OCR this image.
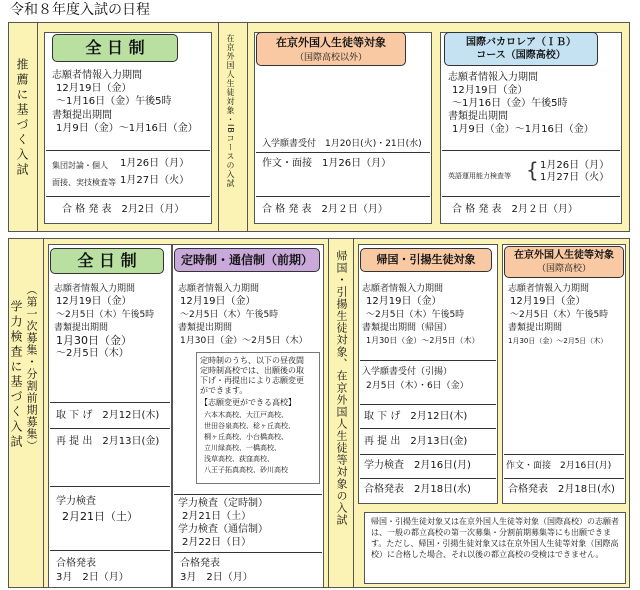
令和８年度入試の日程
推薦に基づく入試
全 日 制
志願者情報入力期間
12月19日（金）
～1月16日（金）午後5時
書類提出期間
1月9日（金）～1月16日（金）
集団討論・個人 1月26日（月）
面接、実技検査等 1月27日（火）
合 格 発 表　2月2日（月）
在京外国人生徒対象・IBコースの入試	在京外国人生徒等対象
（国際高校以外）
入学願書受付　1月20日(火)・21日(水)
作文・面接　1月26日（月）
合 格 発 表　2月２日（月）
国際バカロレア（ＩＢ）
コース（国際高校）
志願者情報入力期間
12月19日（金）
～1月16日（金）午後5時
書類提出期間
1月9日（金）～1月16日（金）
英語運用能力検査等 { 1月26日（月）
1月27日（火）
合 格 発 表　2月２日（月）
学力検査に基づく入試 （第一次募集・分割前期募集）
全 日 制
志願者情報入力期間
12月19日（金）
～2月5日（木）午後5時
書類提出期間
1月30日（金）
～2月5日（木）
取 下 げ　2月12日(木)
再 提 出　2月13日(金)
学力検査
2月21日（土）
合格発表
3月　2日（月）
定時制・通信制（前期）
志願者情報入力期間
12月19日（金）
～2月5日（木）午後5時
書類提出期間
1月30日（金）～2月5日（木）
定時制のうち、以下の昼夜間
定時制高校では、出願後の取
下げ・再提出により志願変更
ができます。
【志願変更ができる高校】
六本木高校、大江戸高校、
世田谷泉高校、稔ヶ丘高校、
桐ヶ丘高校、小台橋高校、
立川緑高校、一橋高校、
浅草高校、荻窪高校、
八王子拓真高校、砂川高校
学力検査（定時制）
2月21日（土）
学力検査（通信制）
2月22日（日）
合格発表
3月　2日（月）
帰国・引揚生徒対象、在京外国人生徒等対象の入試	帰国・引揚生徒対象
志願者情報入力期間
12月19日（金）
～2月5日（木）午後5時
書類提出期間（帰国）
1月30日（金）～2月5日（木）
入学願書受付（引揚）
2月5日（木）・6日（金）
取 下 げ　2月12日(木)
再 提 出　2月13日(金)
学力検査　2月16日(月)
合格発表　2月18日(水)
在京外国人生徒等対象
（国際高校）
志願者情報入力期間
12月19日（金）
～2月5日（木）午後5時
書類提出期間
1月30日（金）～2月5日（木）
作文・面接　2月16日(月)
合格発表　2月18日(水)
帰国・引揚生徒対象又は在京外国人生徒等対象（国際高校）の志願者は、一般の都立高校の第一次募集・分割前期募集等にも出願できます。ただし、帰国・引揚生徒対象又は在京外国人生徒等対象（国際高校）に合格した場合、それ以後の都立高校の受検はできません。
